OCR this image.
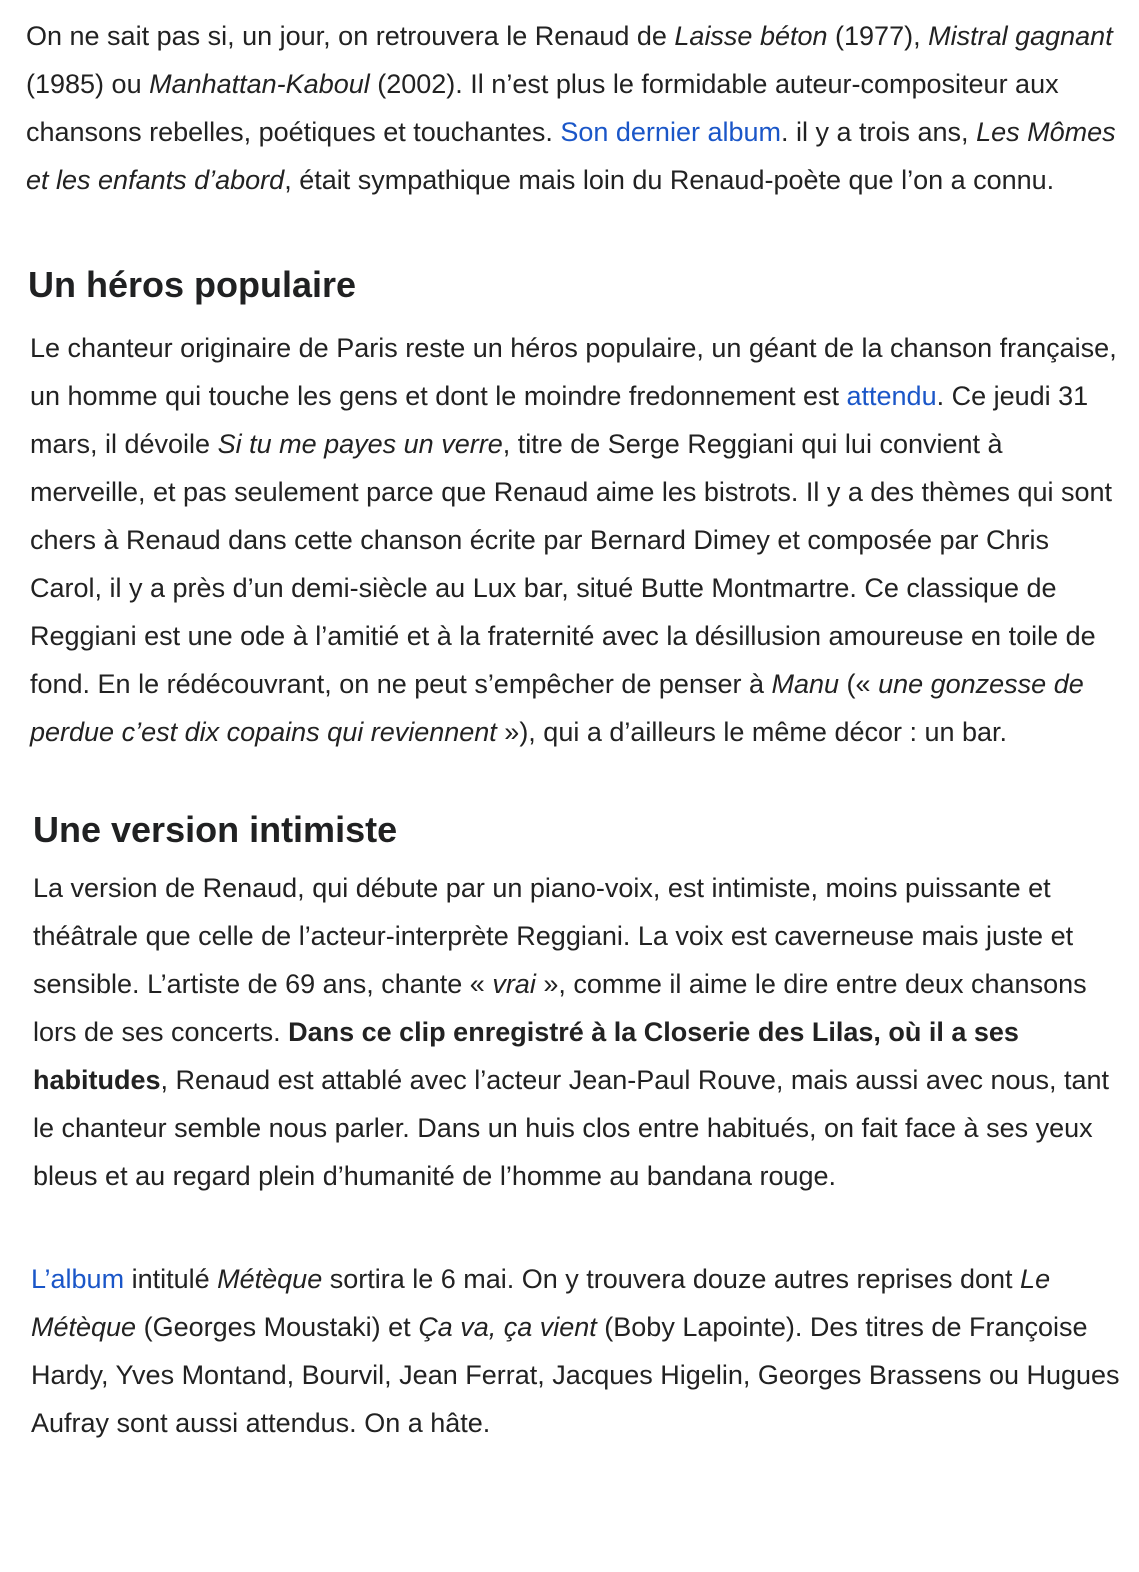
On ne sait pas si, un jour, on retrouvera le Renaud de Laisse béton (1977), Mistral gagnant (1985) ou Manhattan-Kaboul (2002). Il n’est plus le formidable auteur-compositeur aux chansons rebelles, poétiques et touchantes. Son dernier album. il y a trois ans, Les Mômes et les enfants d’abord, était sympathique mais loin du Renaud-poète que l’on a connu.

Un héros populaire

Le chanteur originaire de Paris reste un héros populaire, un géant de la chanson française, un homme qui touche les gens et dont le moindre fredonnement est attendu. Ce jeudi 31 mars, il dévoile Si tu me payes un verre, titre de Serge Reggiani qui lui convient à merveille, et pas seulement parce que Renaud aime les bistrots. Il y a des thèmes qui sont chers à Renaud dans cette chanson écrite par Bernard Dimey et composée par Chris Carol, il y a près d’un demi-siècle au Lux bar, situé Butte Montmartre. Ce classique de Reggiani est une ode à l’amitié et à la fraternité avec la désillusion amoureuse en toile de fond. En le rédécouvrant, on ne peut s’empêcher de penser à Manu (« une gonzesse de perdue c’est dix copains qui reviennent »), qui a d’ailleurs le même décor : un bar.

Une version intimiste

La version de Renaud, qui débute par un piano-voix, est intimiste, moins puissante et théâtrale que celle de l’acteur-interprète Reggiani. La voix est caverneuse mais juste et sensible. L’artiste de 69 ans, chante « vrai », comme il aime le dire entre deux chansons lors de ses concerts. Dans ce clip enregistré à la Closerie des Lilas, où il a ses habitudes, Renaud est attablé avec l’acteur Jean-Paul Rouve, mais aussi avec nous, tant le chanteur semble nous parler. Dans un huis clos entre habitués, on fait face à ses yeux bleus et au regard plein d’humanité de l’homme au bandana rouge.

L’album intitulé Métèque sortira le 6 mai. On y trouvera douze autres reprises dont Le Métèque (Georges Moustaki) et Ça va, ça vient (Boby Lapointe). Des titres de Françoise Hardy, Yves Montand, Bourvil, Jean Ferrat, Jacques Higelin, Georges Brassens ou Hugues Aufray sont aussi attendus. On a hâte.
